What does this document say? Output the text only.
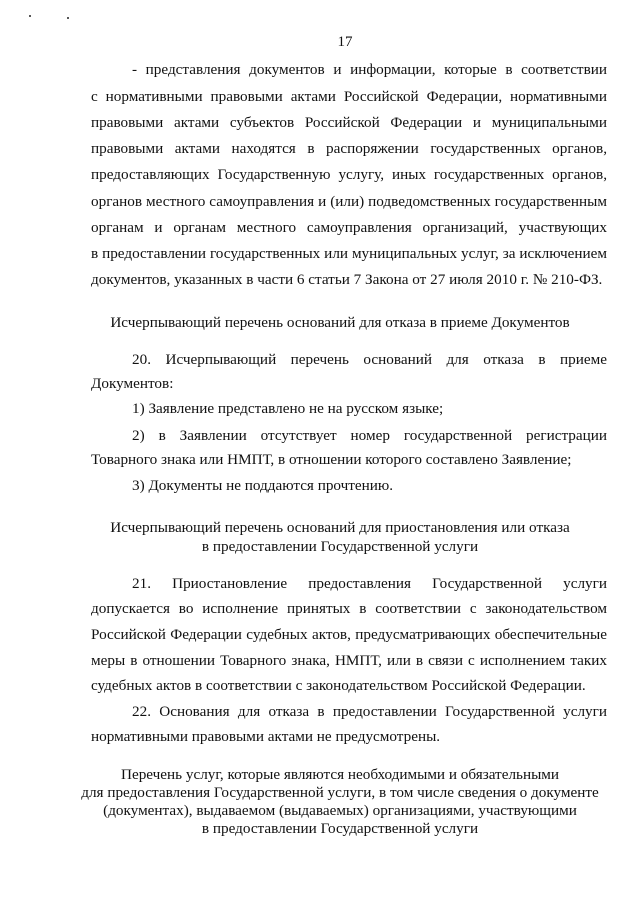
17
- представления документов и информации, которые в соответствии
с нормативными правовыми актами Российской Федерации, нормативными
правовыми актами субъектов Российской Федерации и муниципальными
правовыми актами находятся в распоряжении государственных органов,
предоставляющих Государственную услугу, иных государственных органов,
органов местного самоуправления и (или) подведомственных государственным
органам и органам местного самоуправления организаций, участвующих
в предоставлении государственных или муниципальных услуг, за исключением
документов, указанных в части 6 статьи 7 Закона от 27 июля 2010 г. № 210-ФЗ.
Исчерпывающий перечень оснований для отказа в приеме Документов
20. Исчерпывающий перечень оснований для отказа в приеме
Документов:
1) Заявление представлено не на русском языке;
2) в Заявлении отсутствует номер государственной регистрации
Товарного знака или НМПТ, в отношении которого составлено Заявление;
3) Документы не поддаются прочтению.
Исчерпывающий перечень оснований для приостановления или отказа
в предоставлении Государственной услуги
21. Приостановление предоставления Государственной услуги
допускается во исполнение принятых в соответствии с законодательством
Российской Федерации судебных актов, предусматривающих обеспечительные
меры в отношении Товарного знака, НМПТ, или в связи с исполнением таких
судебных актов в соответствии с законодательством Российской Федерации.
22. Основания для отказа в предоставлении Государственной услуги
нормативными правовыми актами не предусмотрены.
Перечень услуг, которые являются необходимыми и обязательными
для предоставления Государственной услуги, в том числе сведения о документе
(документах), выдаваемом (выдаваемых) организациями, участвующими
в предоставлении Государственной услуги
